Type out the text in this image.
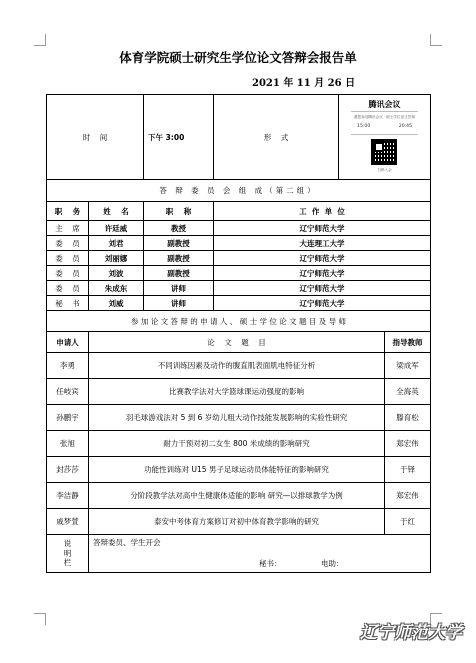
体育学院硕士研究生学位论文答辩会报告单
2021 年 11 月 26 日
时    间		下午 3:00	形    式	腾讯会议
邀您参加腾讯会议 · 硕士学位论文答辩
15:00 20:45
扫码入会	

答 辩 委 员 会 组 成（第二组）					
职    务	姓    名	职    称	工  作  单  位		
主    席	许廷威	教授	辽宁师范大学		
委    员	刘君	副教授	大连理工大学		
委    员	刘丽娜	副教授	辽宁师范大学		
委    员	刘波	副教授	辽宁师范大学		
委    员	朱成东	讲师	辽宁师范大学		
秘    书	刘威	讲师	辽宁师范大学		
参 加 论 文 答 辩 的 申 请 人 、 硕 士 学 位 论 文 题 目 及 导 师					
申请人	论    文    题    目				指导教师
李勇	不同训练因素及动作的腹直肌表面肌电特征分析				梁成军
任岐宾	比赛教学法对大学篮球课运动强度的影响				全海英
孙鹏宇	羽毛球游戏法对 5 到 6 岁幼儿粗大动作技能发展影响的实验性研究				滕育松
张旭	耐力干预对初二女生 800 米成绩的影响研究				郑宏伟
封莎莎	功能性训练对 U15 男子足球运动员体能特征的影响研究				于铎
李洁静	分阶段教学法对高中生健康体适能的影响 研究—以排球教学为例				郑宏伟
戚梦萱	泰安中考体育方案修订对初中体育教学影响的研究				于红
说
明
栏	答辩委员、学生开会
秘书： 电助：				
辽宁师范大学
